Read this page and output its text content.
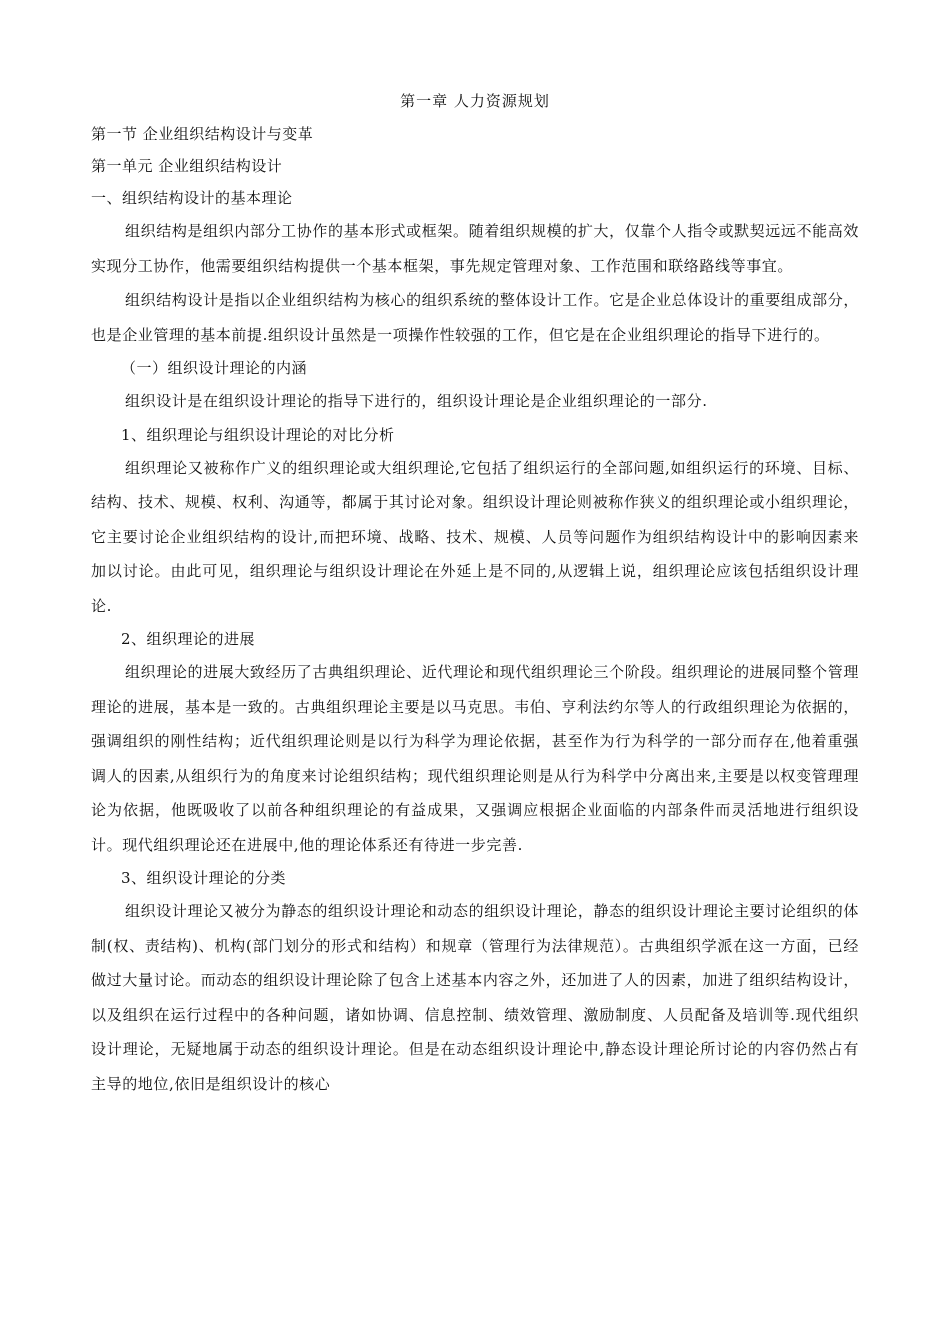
第一章 人力资源规划
第一节 企业组织结构设计与变革
第一单元 企业组织结构设计
一、组织结构设计的基本理论

组织结构是组织内部分工协作的基本形式或框架。随着组织规模的扩大，仅靠个人指令或默契远远不能高效实现分工协作，他需要组织结构提供一个基本框架，事先规定管理对象、工作范围和联络路线等事宜。

组织结构设计是指以企业组织结构为核心的组织系统的整体设计工作。它是企业总体设计的重要组成部分，也是企业管理的基本前提.组织设计虽然是一项操作性较强的工作，但它是在企业组织理论的指导下进行的。

（一）组织设计理论的内涵

组织设计是在组织设计理论的指导下进行的，组织设计理论是企业组织理论的一部分.

1、组织理论与组织设计理论的对比分析

组织理论又被称作广义的组织理论或大组织理论,它包括了组织运行的全部问题,如组织运行的环境、目标、结构、技术、规模、权利、沟通等，都属于其讨论对象。组织设计理论则被称作狭义的组织理论或小组织理论，它主要讨论企业组织结构的设计,而把环境、战略、技术、规模、人员等问题作为组织结构设计中的影响因素来加以讨论。由此可见，组织理论与组织设计理论在外延上是不同的,从逻辑上说，组织理论应该包括组织设计理论.

2、组织理论的进展

组织理论的进展大致经历了古典组织理论、近代理论和现代组织理论三个阶段。组织理论的进展同整个管理理论的进展，基本是一致的。古典组织理论主要是以马克思。韦伯、亨利法约尔等人的行政组织理论为依据的，强调组织的刚性结构；近代组织理论则是以行为科学为理论依据，甚至作为行为科学的一部分而存在,他着重强调人的因素,从组织行为的角度来讨论组织结构；现代组织理论则是从行为科学中分离出来,主要是以权变管理理论为依据，他既吸收了以前各种组织理论的有益成果，又强调应根据企业面临的内部条件而灵活地进行组织设计。现代组织理论还在进展中,他的理论体系还有待进一步完善.

3、组织设计理论的分类

组织设计理论又被分为静态的组织设计理论和动态的组织设计理论，静态的组织设计理论主要讨论组织的体制(权、责结构)、机构(部门划分的形式和结构）和规章（管理行为法律规范）。古典组织学派在这一方面，已经做过大量讨论。而动态的组织设计理论除了包含上述基本内容之外，还加进了人的因素，加进了组织结构设计，以及组织在运行过程中的各种问题，诸如协调、信息控制、绩效管理、激励制度、人员配备及培训等.现代组织设计理论，无疑地属于动态的组织设计理论。但是在动态组织设计理论中,静态设计理论所讨论的内容仍然占有主导的地位,依旧是组织设计的核心
